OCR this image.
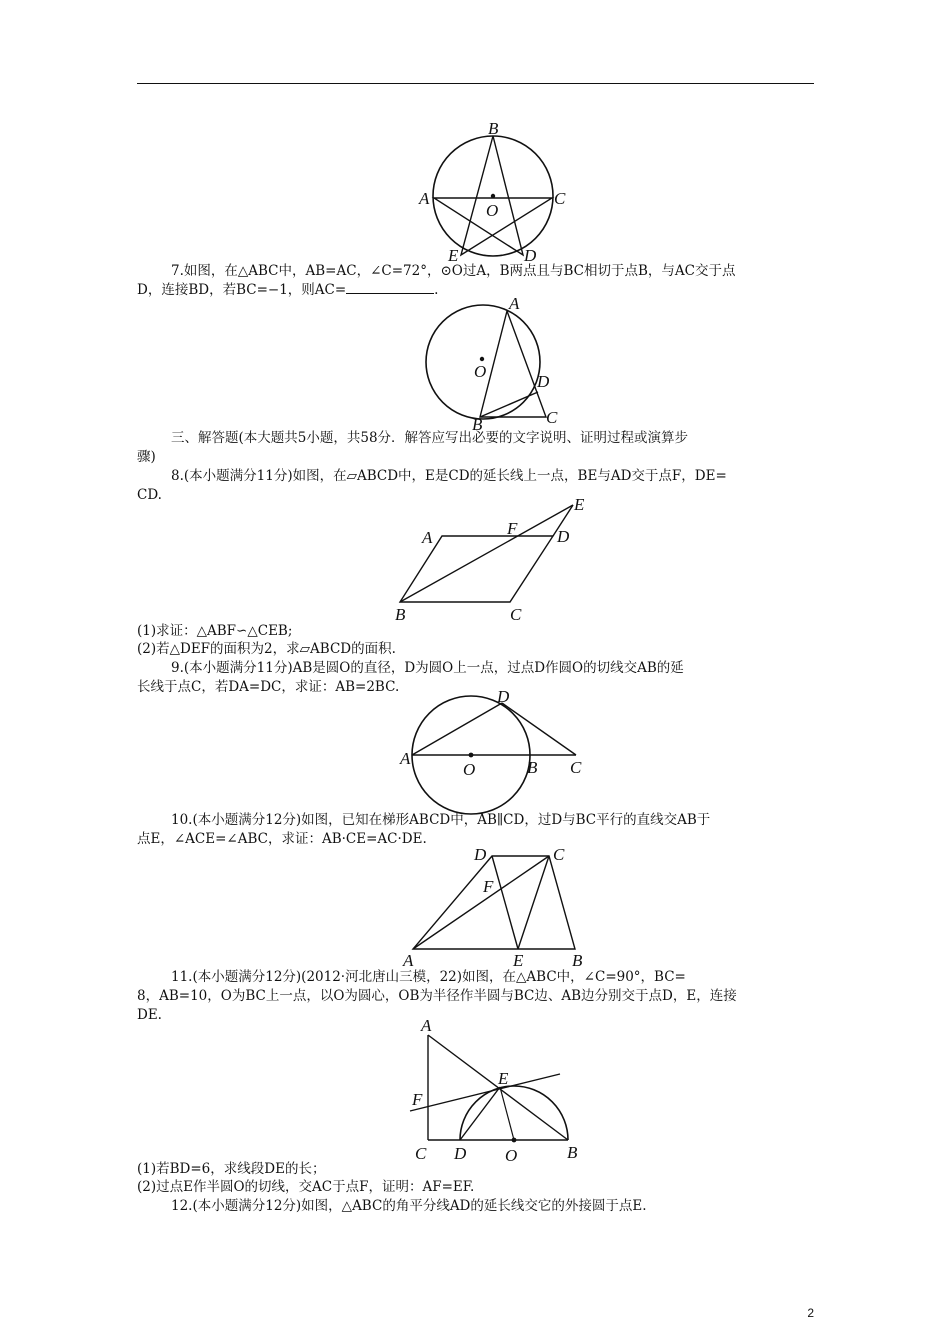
B
A	C
O
E	D

7.如图，在△ABC中，AB=AC，∠C=72°，⊙O过A，B两点且与BC相切于点B，与AC交于点

D，连接BD，若BC=−1，则AC=	.

A
O
D
B	C

三、解答题(本大题共5小题，共58分．解答应写出必要的文字说明、证明过程或演算步

骤)

8.(本小题满分11分)如图，在▱ABCD中，E是CD的延长线上一点，BE与AD交于点F，DE=

CD.	E
A	F D
B	C

(1)求证：△ABF∽△CEB;

(2)若△DEF的面积为2，求▱ABCD的面积.

9.(本小题满分11分)AB是圆O的直径，D为圆O上一点，过点D作圆O的切线交AB的延

长线于点C，若DA=DC，求证：AB=2BC.	D
A
O	B C

10.(本小题满分12分)如图，已知在梯形ABCD中，AB∥CD，过D与BC平行的直线交AB于

点E，∠ACE=∠ABC，求证：AB·CE=AC·DE.

D	C
F
A	E	B

11.(本小题满分12分)(2012·河北唐山三模，22)如图，在△ABC中，∠C=90°，BC=

8，AB=10，O为BC上一点，以O为圆心，OB为半径作半圆与BC边、AB边分别交于点D，E，连接

DE.

A
E
F
C D O	B

(1)若BD=6，求线段DE的长；

(2)过点E作半圆O的切线，交AC于点F，证明：AF=EF.

12.(本小题满分12分)如图，△ABC的角平分线AD的延长线交它的外接圆于点E.

2
